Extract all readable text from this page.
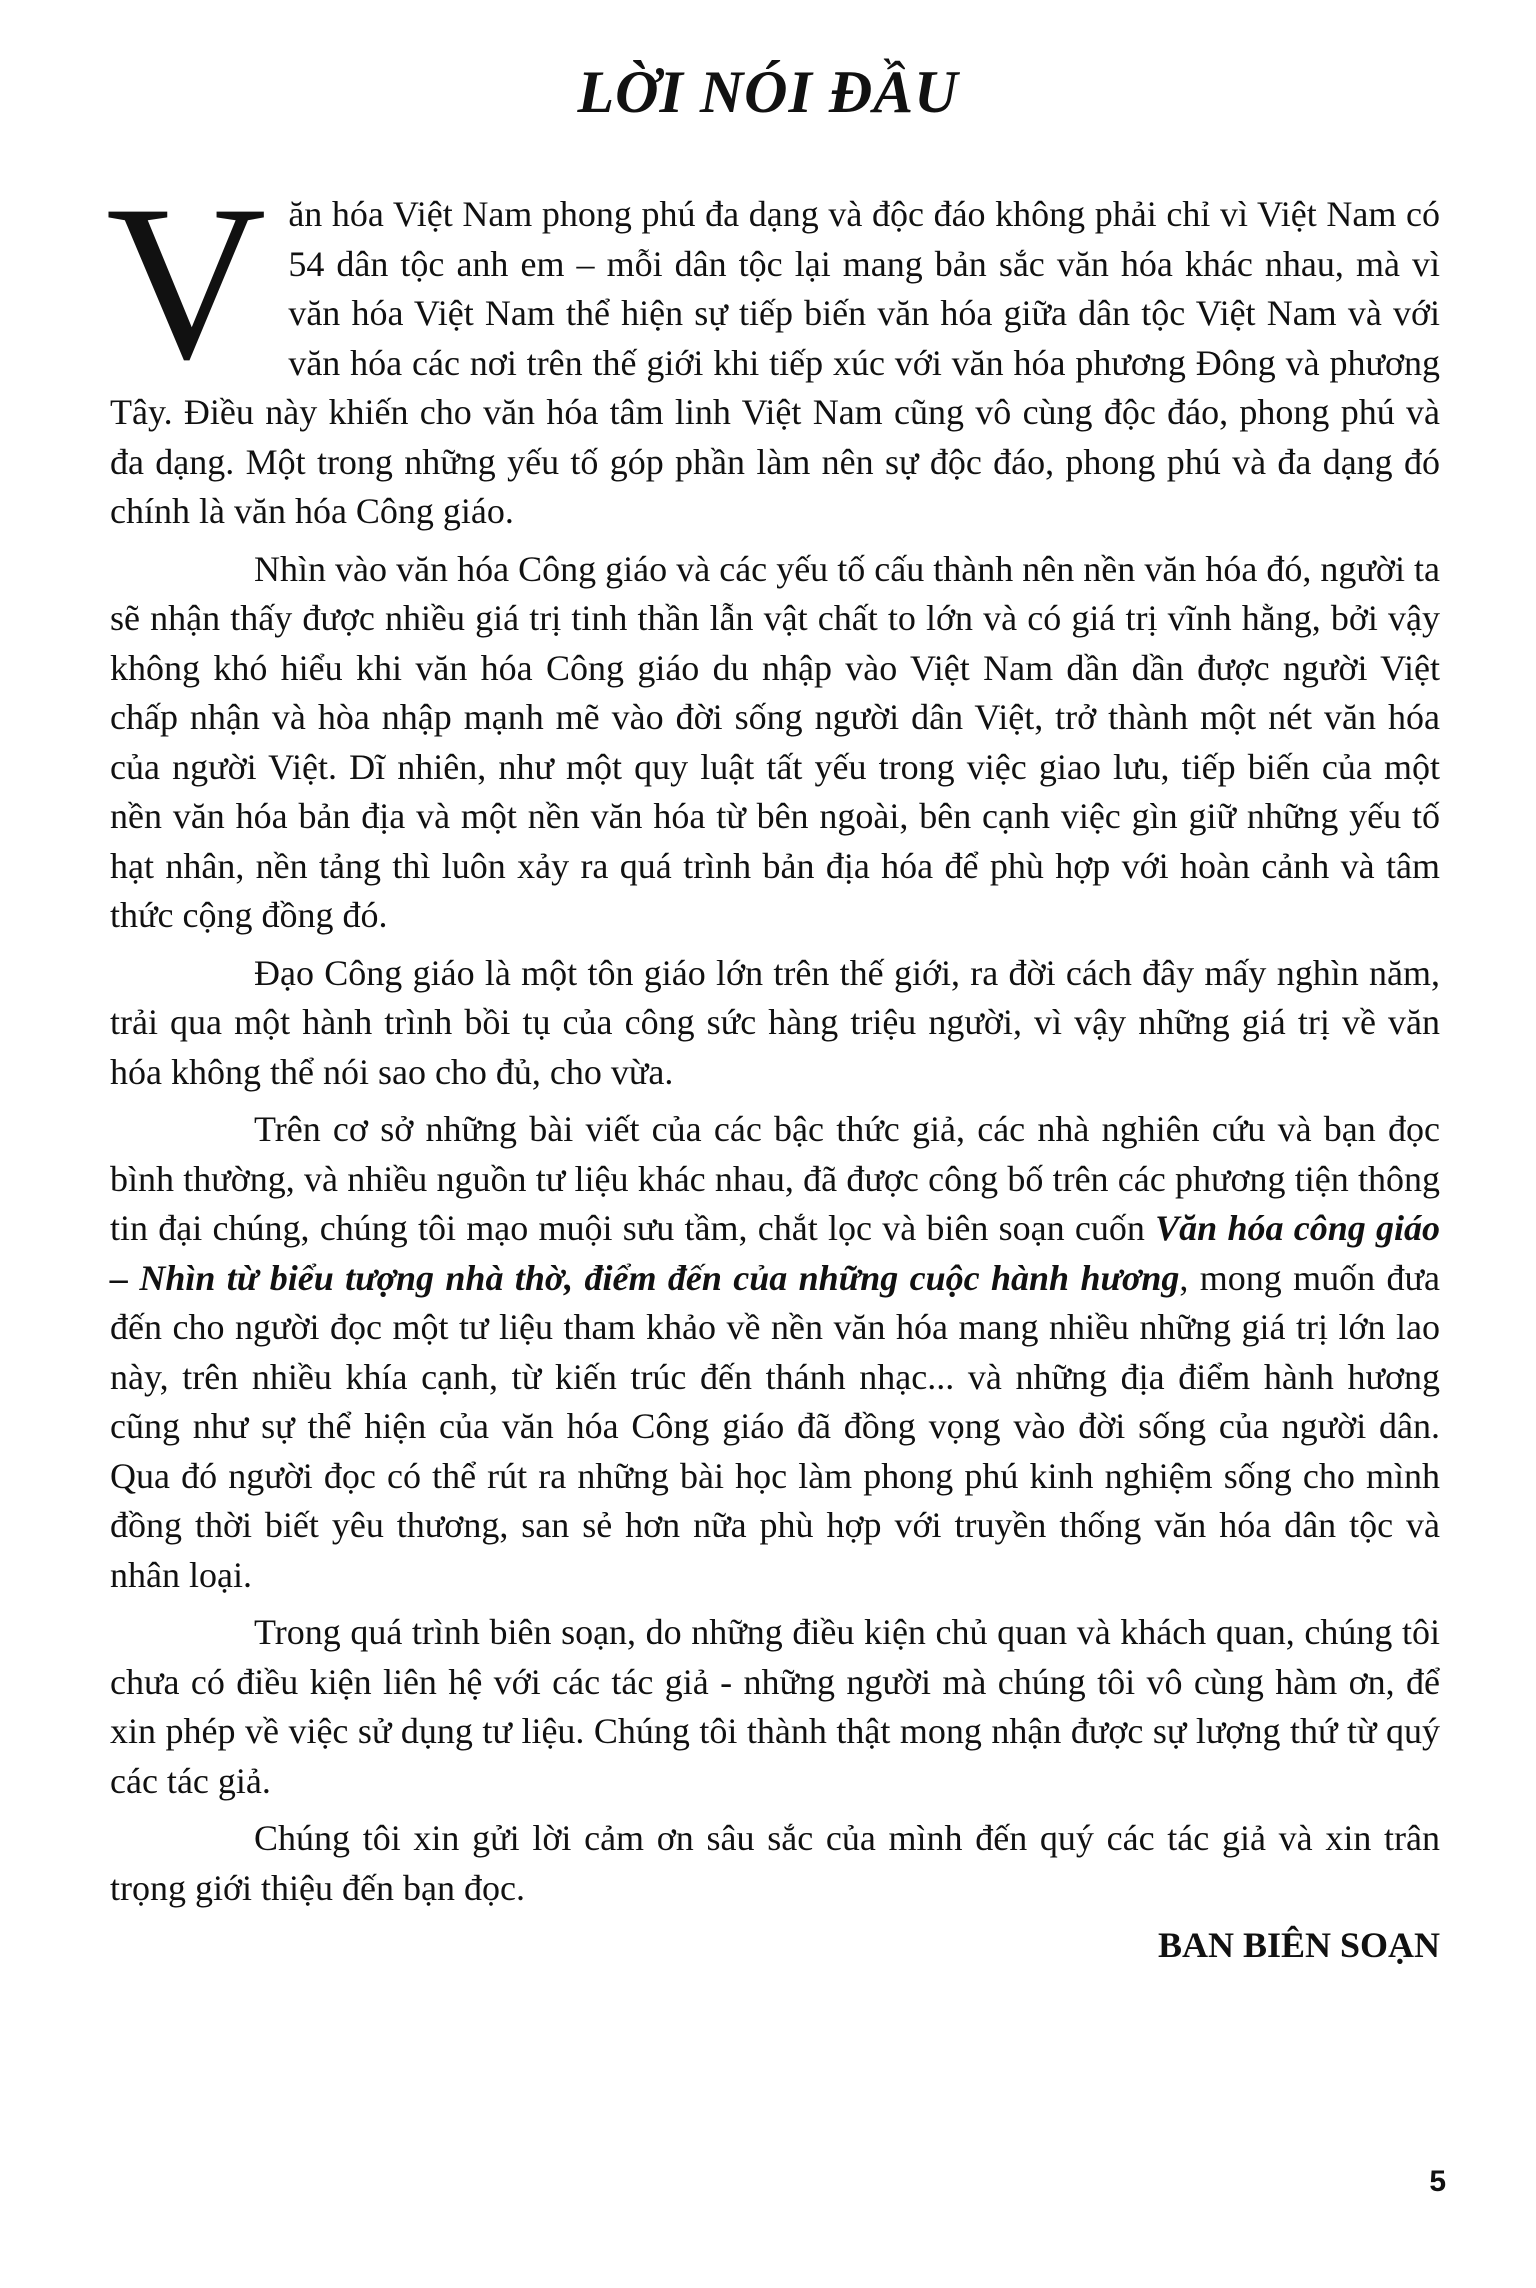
LỜI NÓI ĐẦU

Văn hóa Việt Nam phong phú đa dạng và độc đáo không phải chỉ vì Việt Nam có 54 dân tộc anh em – mỗi dân tộc lại mang bản sắc văn hóa khác nhau, mà vì văn hóa Việt Nam thể hiện sự tiếp biến văn hóa giữa dân tộc Việt Nam và với văn hóa các nơi trên thế giới khi tiếp xúc với văn hóa phương Đông và phương Tây. Điều này khiến cho văn hóa tâm linh Việt Nam cũng vô cùng độc đáo, phong phú và đa dạng. Một trong những yếu tố góp phần làm nên sự độc đáo, phong phú và đa dạng đó chính là văn hóa Công giáo.

Nhìn vào văn hóa Công giáo và các yếu tố cấu thành nên nền văn hóa đó, người ta sẽ nhận thấy được nhiều giá trị tinh thần lẫn vật chất to lớn và có giá trị vĩnh hằng, bởi vậy không khó hiểu khi văn hóa Công giáo du nhập vào Việt Nam dần dần được người Việt chấp nhận và hòa nhập mạnh mẽ vào đời sống người dân Việt, trở thành một nét văn hóa của người Việt. Dĩ nhiên, như một quy luật tất yếu trong việc giao lưu, tiếp biến của một nền văn hóa bản địa và một nền văn hóa từ bên ngoài, bên cạnh việc gìn giữ những yếu tố hạt nhân, nền tảng thì luôn xảy ra quá trình bản địa hóa để phù hợp với hoàn cảnh và tâm thức cộng đồng đó.

Đạo Công giáo là một tôn giáo lớn trên thế giới, ra đời cách đây mấy nghìn năm, trải qua một hành trình bồi tụ của công sức hàng triệu người, vì vậy những giá trị về văn hóa không thể nói sao cho đủ, cho vừa.

Trên cơ sở những bài viết của các bậc thức giả, các nhà nghiên cứu và bạn đọc bình thường, và nhiều nguồn tư liệu khác nhau, đã được công bố trên các phương tiện thông tin đại chúng, chúng tôi mạo muội sưu tầm, chắt lọc và biên soạn cuốn Văn hóa công giáo – Nhìn từ biểu tượng nhà thờ, điểm đến của những cuộc hành hương, mong muốn đưa đến cho người đọc một tư liệu tham khảo về nền văn hóa mang nhiều những giá trị lớn lao này, trên nhiều khía cạnh, từ kiến trúc đến thánh nhạc... và những địa điểm hành hương cũng như sự thể hiện của văn hóa Công giáo đã đồng vọng vào đời sống của người dân. Qua đó người đọc có thể rút ra những bài học làm phong phú kinh nghiệm sống cho mình đồng thời biết yêu thương, san sẻ hơn nữa phù hợp với truyền thống văn hóa dân tộc và nhân loại.

Trong quá trình biên soạn, do những điều kiện chủ quan và khách quan, chúng tôi chưa có điều kiện liên hệ với các tác giả - những người mà chúng tôi vô cùng hàm ơn, để xin phép về việc sử dụng tư liệu. Chúng tôi thành thật mong nhận được sự lượng thứ từ quý các tác giả.

Chúng tôi xin gửi lời cảm ơn sâu sắc của mình đến quý các tác giả và xin trân trọng giới thiệu đến bạn đọc.

BAN BIÊN SOẠN
5
